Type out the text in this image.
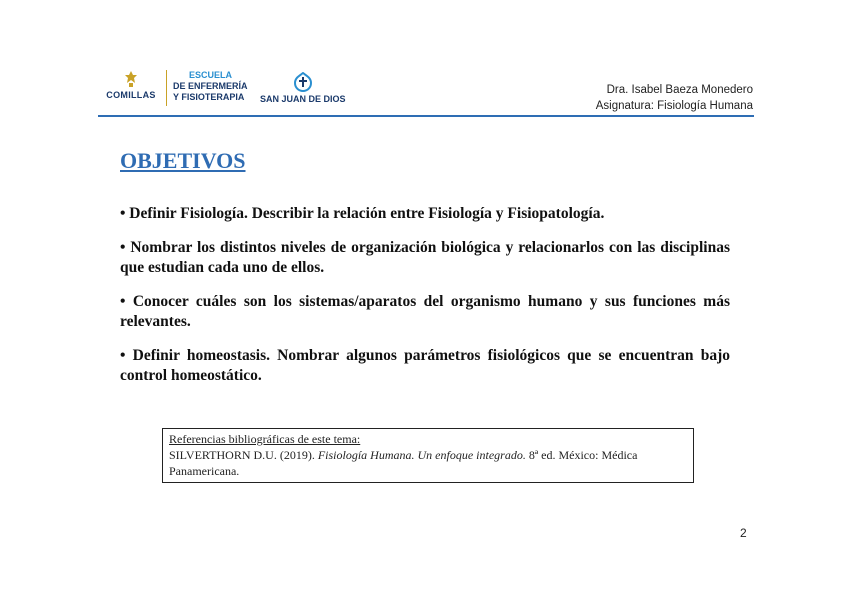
COMILLAS
ESCUELA
DE ENFERMERÍA
Y FISIOTERAPIA	SAN JUAN DE DIOS
Dra. Isabel Baeza Monedero
Asignatura: Fisiología Humana
OBJETIVOS
• Definir Fisiología. Describir la relación entre Fisiología y Fisiopatología.
• Nombrar los distintos niveles de organización biológica y relacionarlos con las disciplinas que estudian cada uno de ellos.
• Conocer cuáles son los sistemas/aparatos del organismo humano y sus funciones más relevantes.
• Definir homeostasis. Nombrar algunos parámetros fisiológicos que se encuentran bajo control homeostático.
Referencias bibliográficas de este tema:
SILVERTHORN D.U. (2019). Fisiología Humana. Un enfoque integrado. 8ª ed. México: Médica Panamericana.
2
